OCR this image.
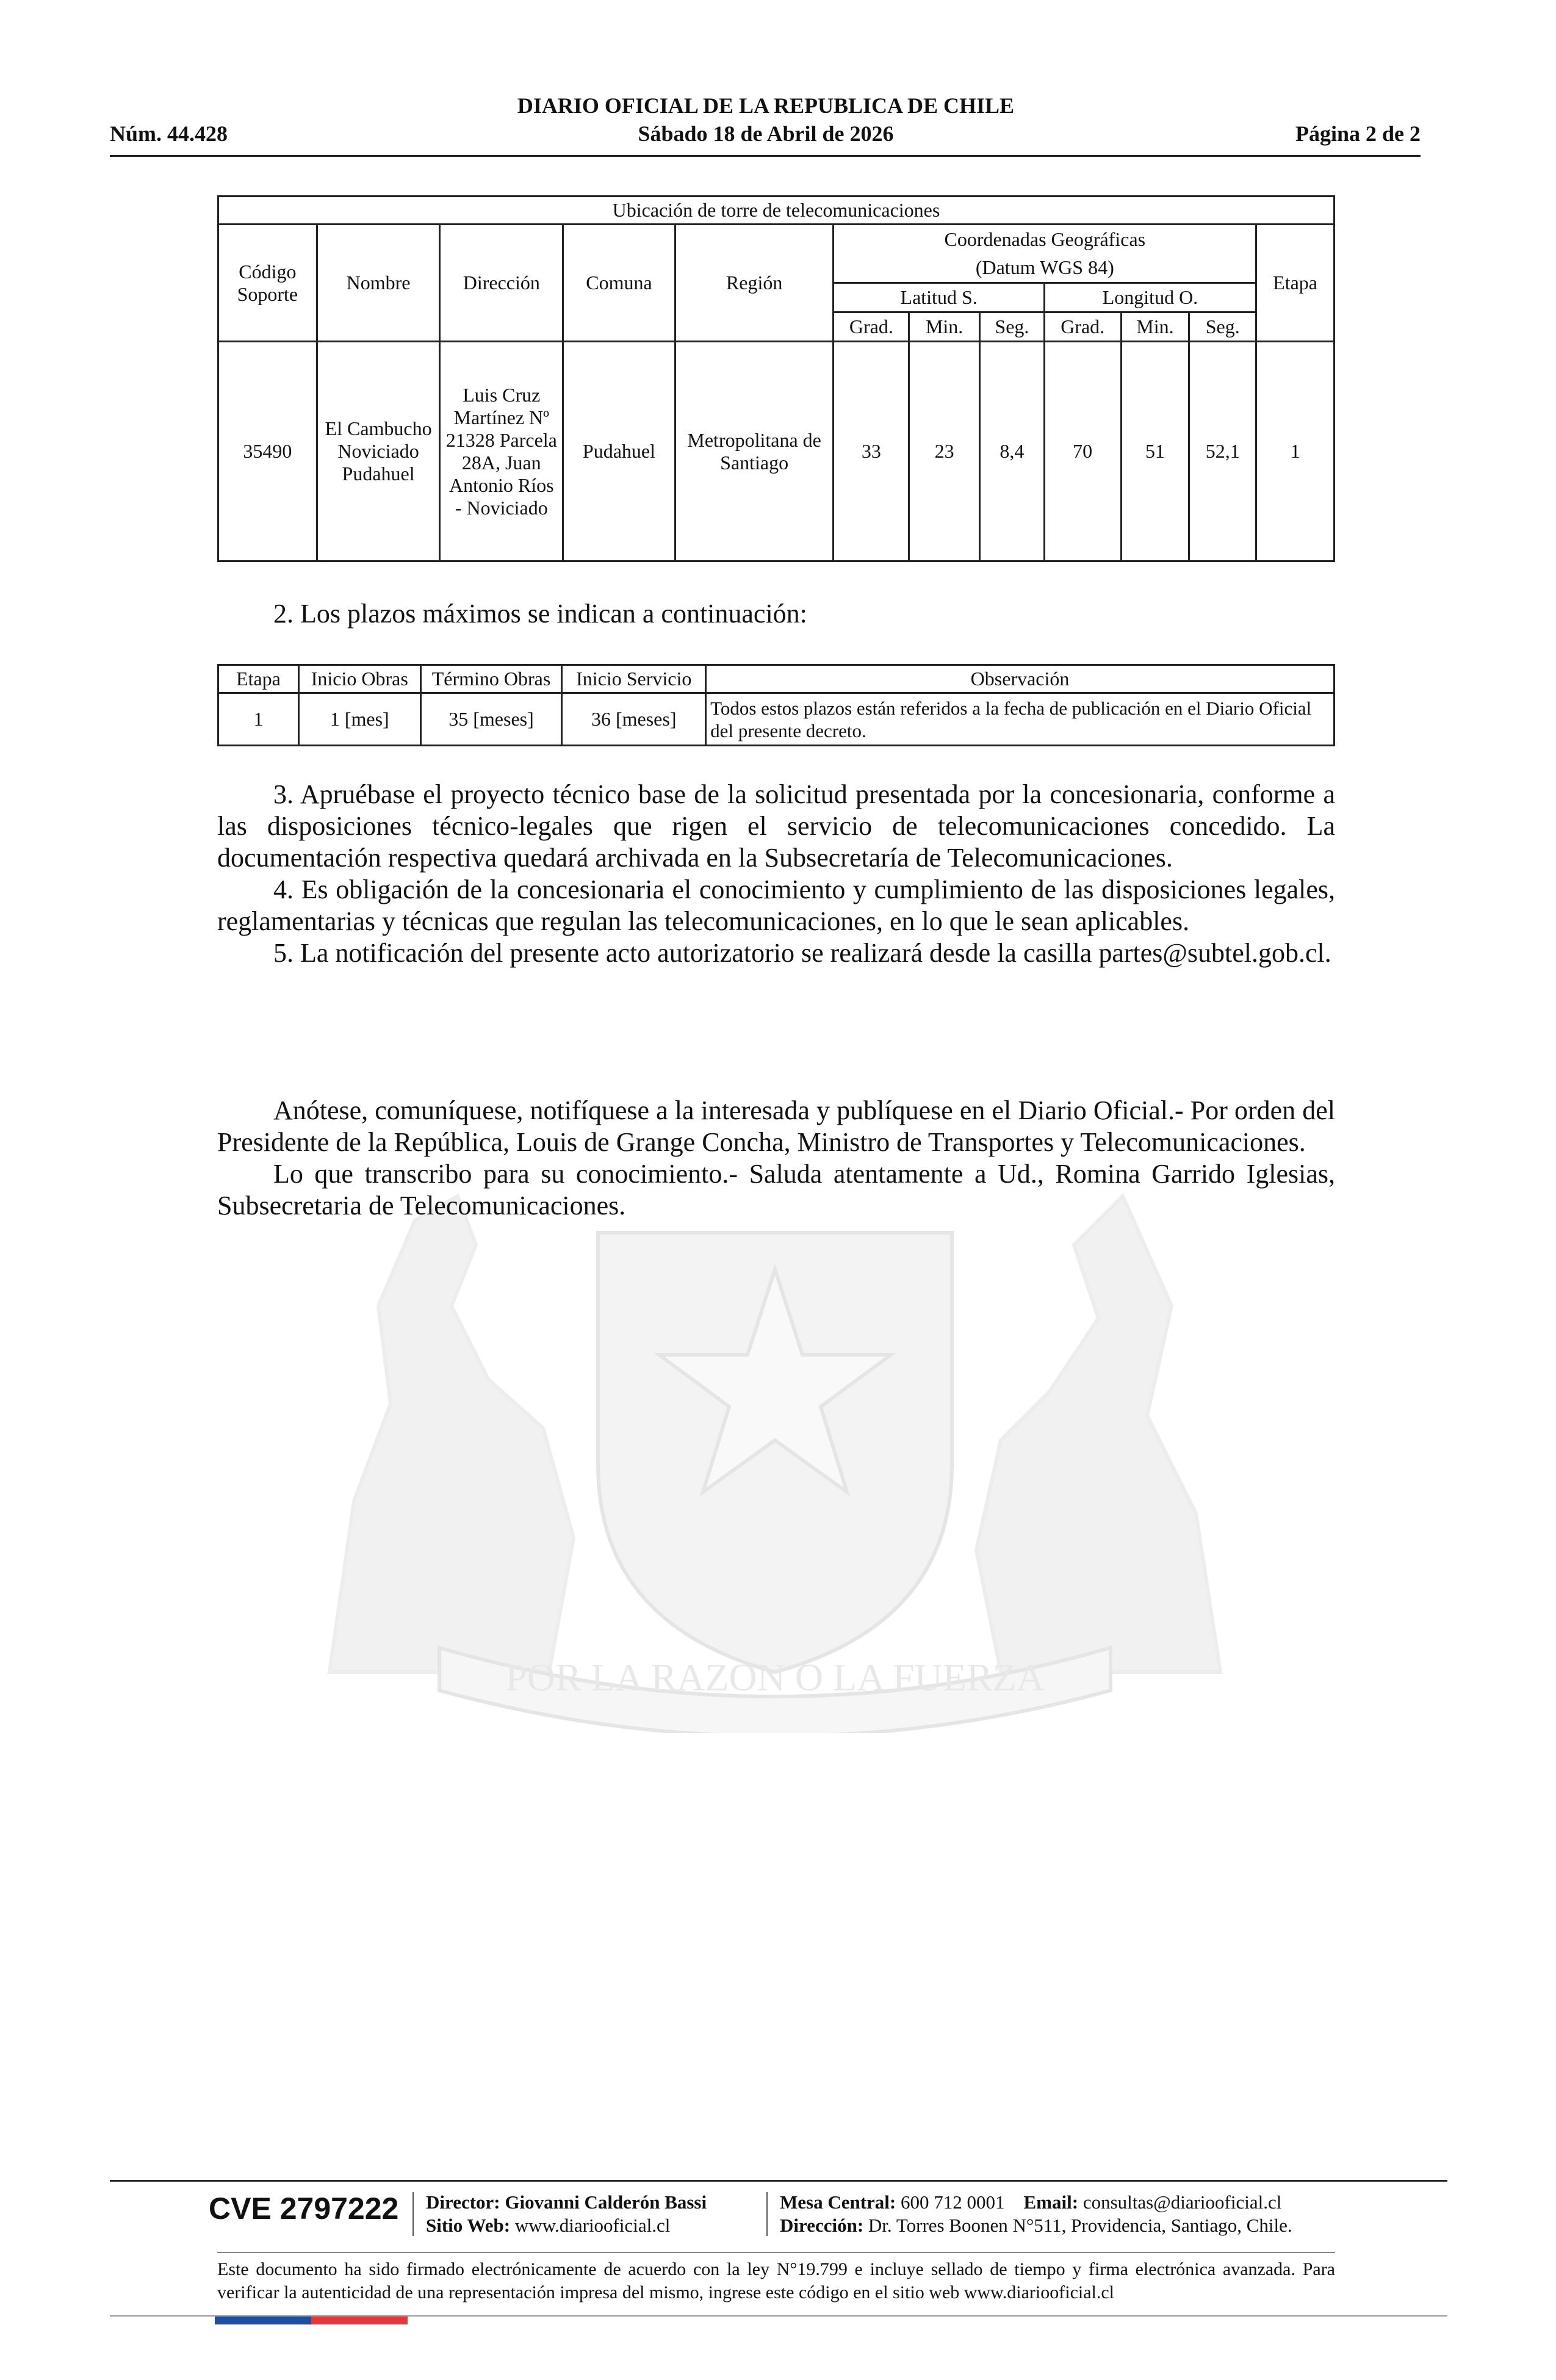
DIARIO OFICIAL DE LA REPUBLICA DE CHILE
Núm. 44.428	Sábado 18 de Abril de 2026	Página 2 de 2
POR LA RAZON O LA FUERZA
Ubicación de torre de telecomunicaciones											
Código Soporte	Nombre	Dirección	Comuna	Región	Coordenadas Geográficas						Etapa
					(Datum WGS 84)						
					Latitud S.			Longitud O.			
					Grad.	Min.	Seg.	Grad.	Min.	Seg.	
35490	El Cambucho Noviciado Pudahuel	Luis Cruz Martínez Nº 21328 Parcela 28A, Juan Antonio Ríos - Noviciado	Pudahuel	Metropolitana de Santiago	33	23	8,4	70	51	52,1	1
2. Los plazos máximos se indican a continuación:
Etapa	Inicio Obras	Término Obras	Inicio Servicio	Observación
1	1 [mes]	35 [meses]	36 [meses]	Todos estos plazos están referidos a la fecha de publicación en el Diario Oficial del presente decreto.

3. Apruébase el proyecto técnico base de la solicitud presentada por la concesionaria, conforme a las disposiciones técnico-legales que rigen el servicio de telecomunicaciones concedido. La documentación respectiva quedará archivada en la Subsecretaría de Telecomunicaciones.

4. Es obligación de la concesionaria el conocimiento y cumplimiento de las disposiciones legales, reglamentarias y técnicas que regulan las telecomunicaciones, en lo que le sean aplicables.

5. La notificación del presente acto autorizatorio se realizará desde la casilla partes@subtel.gob.cl.

Anótese, comuníquese, notifíquese a la interesada y publíquese en el Diario Oficial.- Por orden del Presidente de la República, Louis de Grange Concha, Ministro de Transportes y Telecomunicaciones.

Lo que transcribo para su conocimiento.- Saluda atentamente a Ud., Romina Garrido Iglesias, Subsecretaria de Telecomunicaciones.

CVE 2797222 Director: Giovanni Calderón Bassi
Sitio Web: www.diariooficial.cl
Mesa Central: 600 712 0001 Email: consultas@diariooficial.cl
Dirección: Dr. Torres Boonen N°511, Providencia, Santiago, Chile.
Este documento ha sido firmado electrónicamente de acuerdo con la ley N°19.799 e incluye sellado de tiempo y firma electrónica avanzada. Para verificar la autenticidad de una representación impresa del mismo, ingrese este código en el sitio web www.diariooficial.cl
